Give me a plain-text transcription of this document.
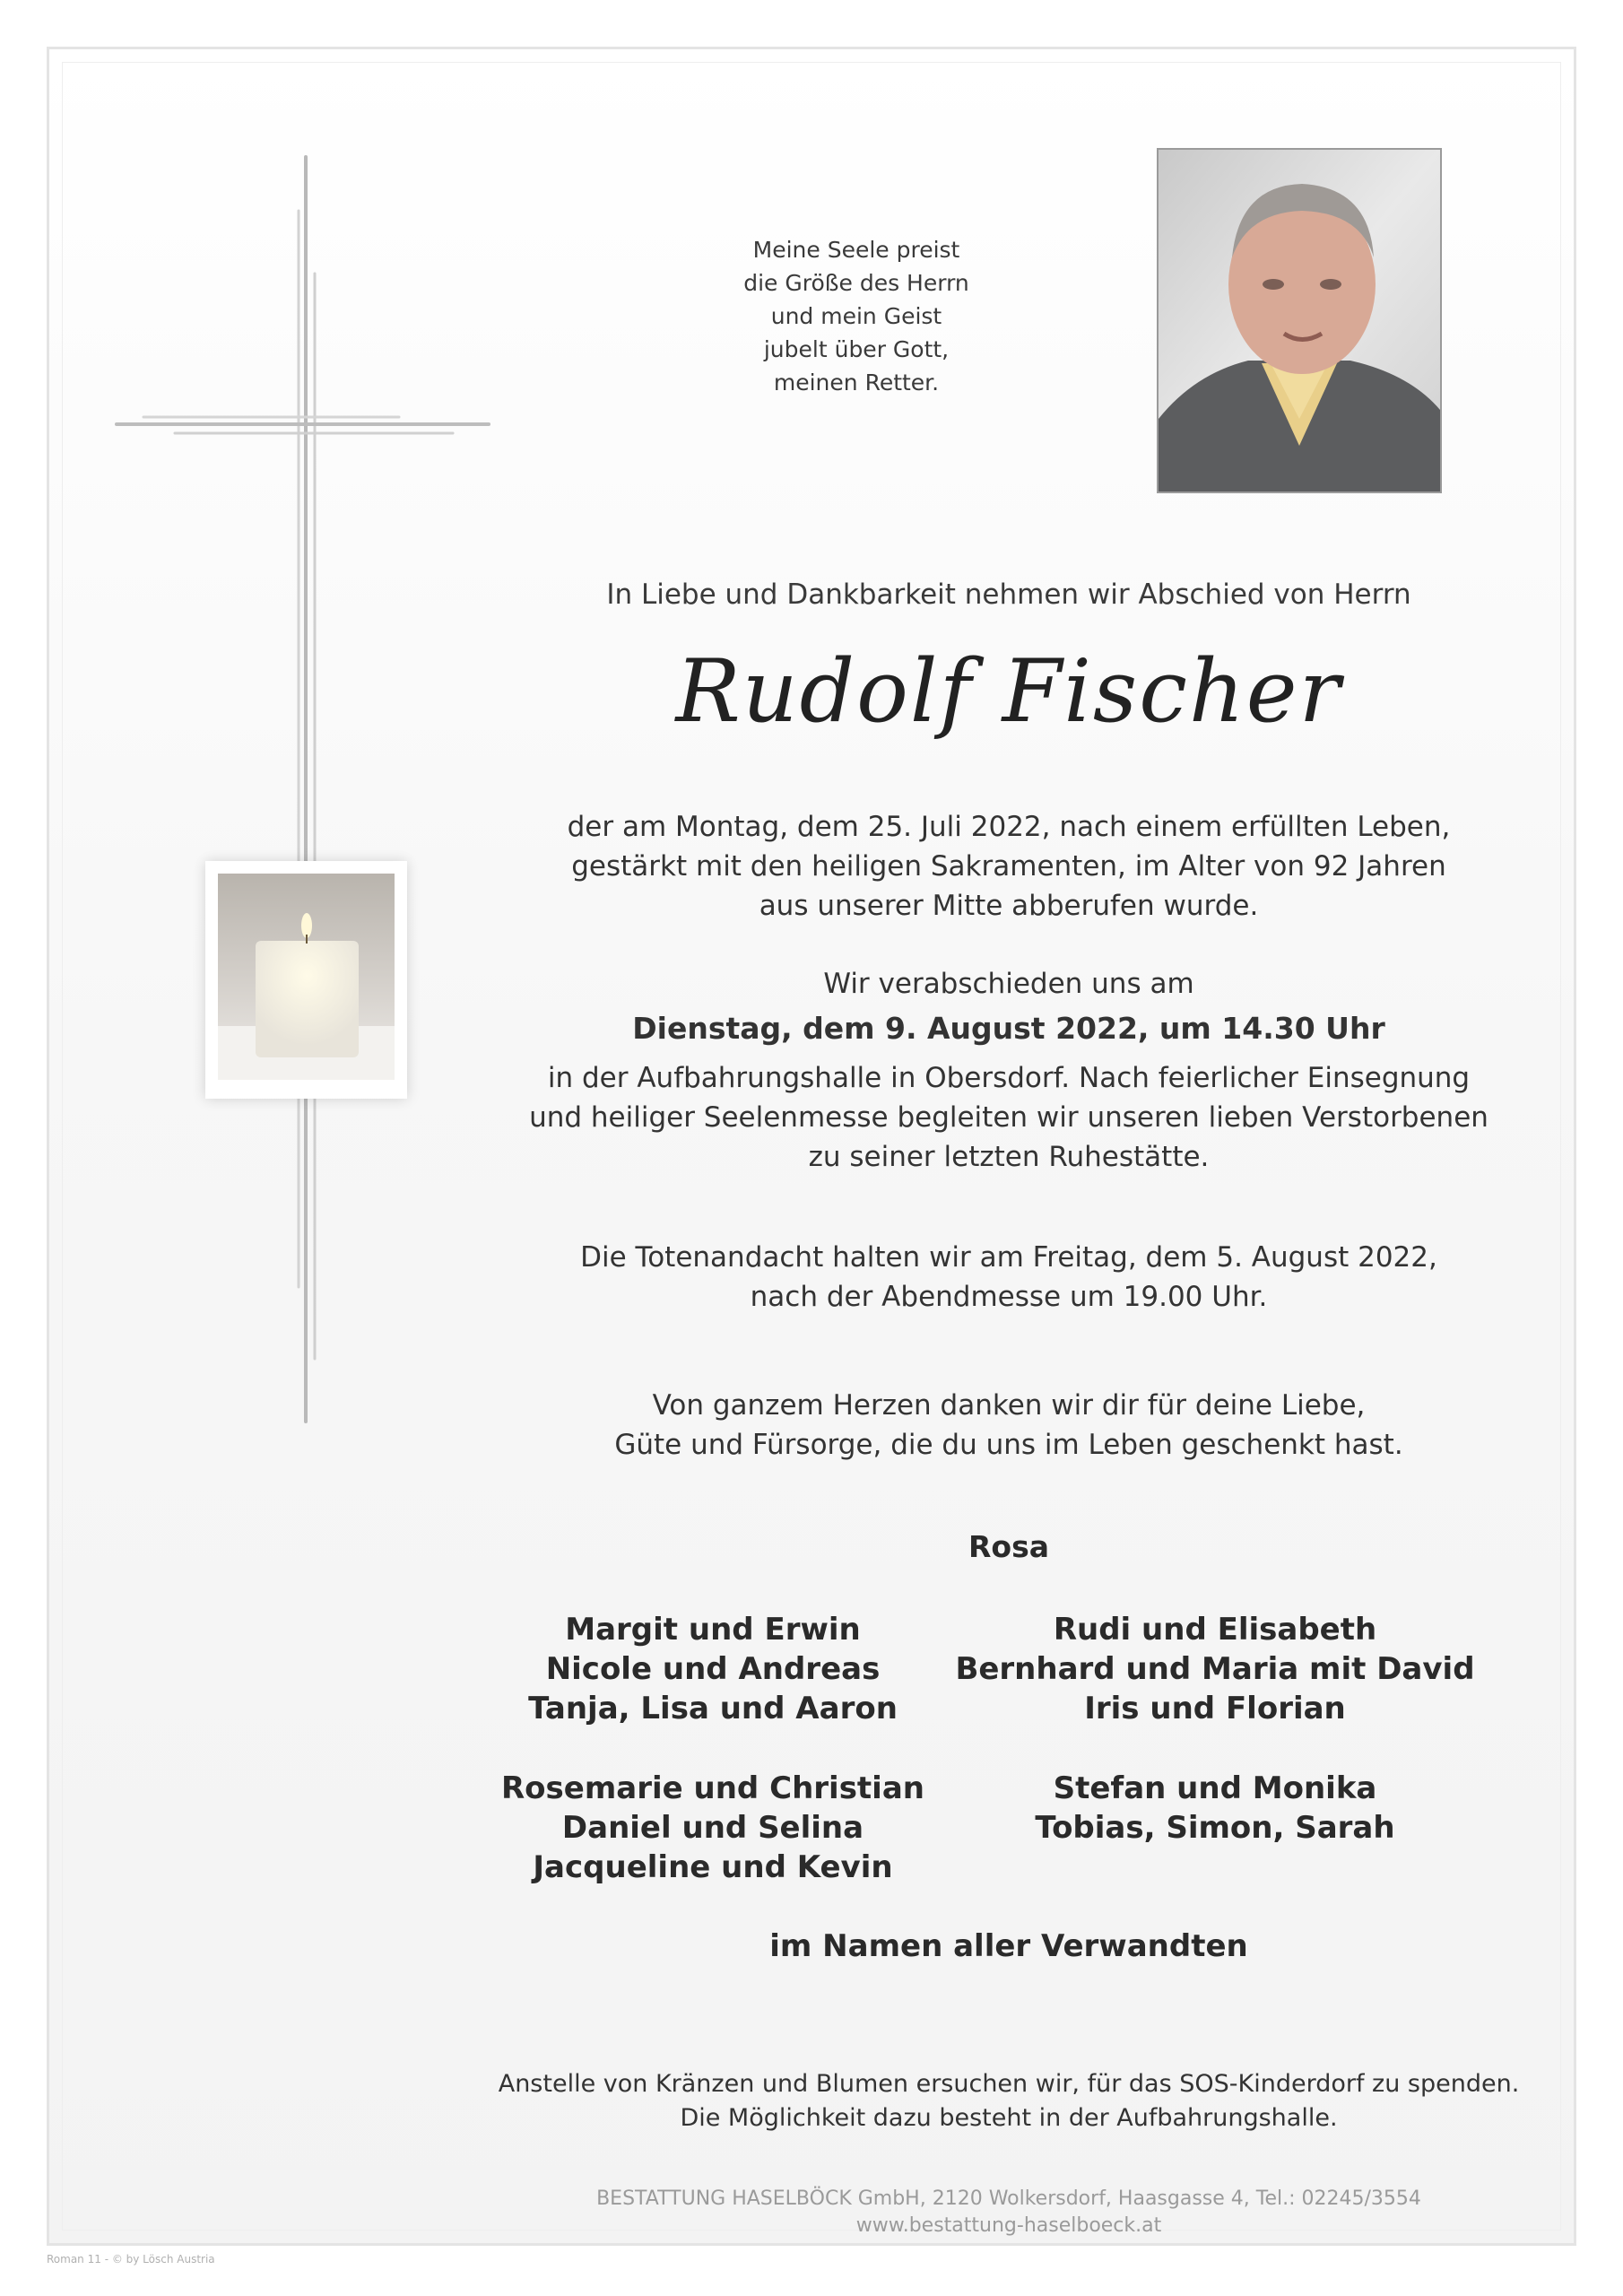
Meine Seele preist
die Größe des Herrn
und mein Geist
jubelt über Gott,
meinen Retter.
In Liebe und Dankbarkeit nehmen wir Abschied von Herrn
Rudolf Fischer
der am Montag, dem 25. Juli 2022, nach einem erfüllten Leben,
gestärkt mit den heiligen Sakramenten, im Alter von 92 Jahren
aus unserer Mitte abberufen wurde.
Wir verabschieden uns am
Dienstag, dem 9. August 2022, um 14.30 Uhr
in der Aufbahrungshalle in Obersdorf. Nach feierlicher Einsegnung
und heiliger Seelenmesse begleiten wir unseren lieben Verstorbenen
zu seiner letzten Ruhestätte.
Die Totenandacht halten wir am Freitag, dem 5. August 2022,
nach der Abendmesse um 19.00 Uhr.
Von ganzem Herzen danken wir dir für deine Liebe,
Güte und Fürsorge, die du uns im Leben geschenkt hast.
Rosa
Margit und Erwin
Nicole und Andreas
Tanja, Lisa und Aaron
Rudi und Elisabeth
Bernhard und Maria mit David
Iris und Florian
Rosemarie und Christian
Daniel und Selina
Jacqueline und Kevin
Stefan und Monika
Tobias, Simon, Sarah
im Namen aller Verwandten
Anstelle von Kränzen und Blumen ersuchen wir, für das SOS-Kinderdorf zu spenden.
Die Möglichkeit dazu besteht in der Aufbahrungshalle.
BESTATTUNG HASELBÖCK GmbH, 2120 Wolkersdorf, Haasgasse 4, Tel.: 02245/3554
www.bestattung-haselboeck.at
Roman 11 - © by Lösch Austria
